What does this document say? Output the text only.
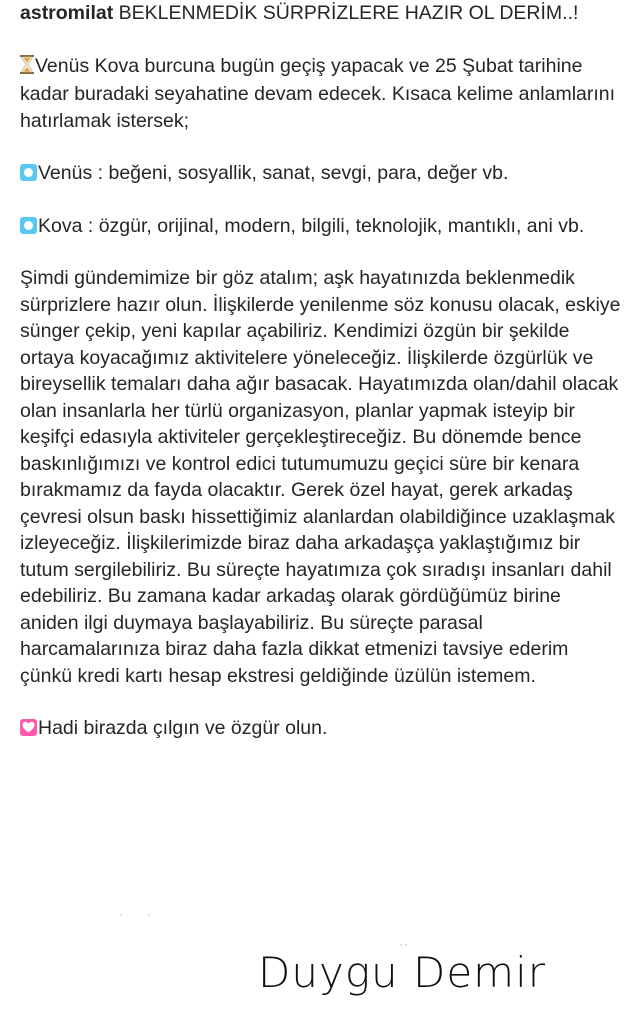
astromilat BEKLENMEDİK SÜRPRİZLERE HAZIR OL DERİM..!
Venüs Kova burcuna bugün geçiş yapacak ve 25 Şubat tarihine kadar buradaki seyahatine devam edecek. Kısaca kelime anlamlarını hatırlamak istersek;
Venüs : beğeni, sosyallik, sanat, sevgi, para, değer vb.
Kova : özgür, orijinal, modern, bilgili, teknolojik, mantıklı, ani vb.
Şimdi gündemimize bir göz atalım; aşk hayatınızda beklenmedik sürprizlere hazır olun. İlişkilerde yenilenme söz konusu olacak, eskiye sünger çekip, yeni kapılar açabiliriz. Kendimizi özgün bir şekilde ortaya koyacağımız aktivitelere yöneleceğiz. İlişkilerde özgürlük ve bireysellik temaları daha ağır basacak. Hayatımızda olan/dahil olacak olan insanlarla her türlü organizasyon, planlar yapmak isteyip bir keşifçi edasıyla aktiviteler gerçekleştireceğiz. Bu dönemde bence baskınlığımızı ve kontrol edici tutumumuzu geçici süre bir kenara bırakmamız da fayda olacaktır. Gerek özel hayat, gerek arkadaş çevresi olsun baskı hissettiğimiz alanlardan olabildiğince uzaklaşmak izleyeceğiz. İlişkilerimizde biraz daha arkadaşça yaklaştığımız bir tutum sergilebiliriz. Bu süreçte hayatımıza çok sıradışı insanları dahil edebiliriz. Bu zamana kadar arkadaş olarak gördüğümüz birine aniden ilgi duymaya başlayabiliriz. Bu süreçte parasal harcamalarınıza biraz daha fazla dikkat etmenizi tavsiye ederim çünkü kredi kartı hesap ekstresi geldiğinde üzülün istemem.
Hadi birazda çılgın ve özgür olun.
Duygu Demir
